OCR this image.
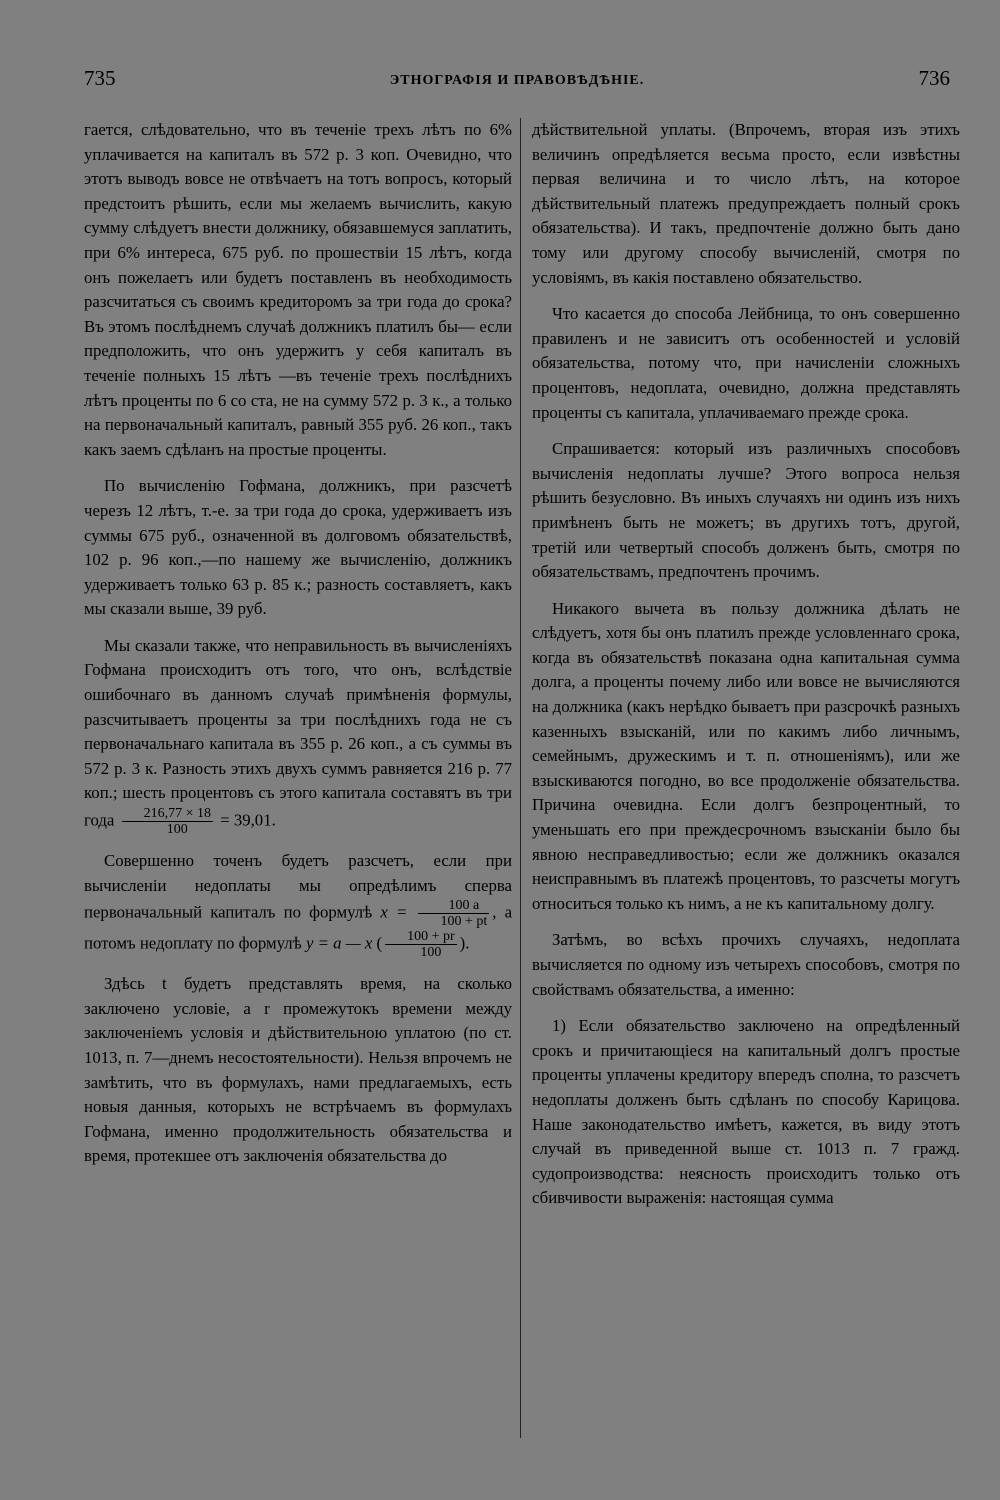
735	ЭТНОГРАФІЯ И ПРАВОВѢДѢНІЕ.	736

гается, слѣдовательно, что въ теченіе трехъ лѣтъ по 6% уплачивается на капиталъ въ 572 р. 3 коп. Очевидно, что этотъ выводъ вовсе не отвѣчаетъ на тотъ вопросъ, который предстоитъ рѣшить, если мы желаемъ вычислить, какую сумму слѣдуетъ внести должнику, обязавшемуся заплатить, при 6% интереса, 675 руб. по прошествіи 15 лѣтъ, когда онъ пожелаетъ или будетъ поставленъ въ необходимость разсчитаться съ своимъ кредиторомъ за три года до срока? Въ этомъ послѣднемъ случаѣ должникъ платилъ бы— если предположить, что онъ удержитъ у себя капиталъ въ теченіе полныхъ 15 лѣтъ —въ теченіе трехъ послѣднихъ лѣтъ проценты по 6 со ста, не на сумму 572 р. 3 к., а только на первоначальный капиталъ, равный 355 руб. 26 коп., такъ какъ заемъ сдѣланъ на простые проценты.

По вычисленію Гофмана, должникъ, при разсчетѣ черезъ 12 лѣтъ, т.-е. за три года до срока, удерживаетъ изъ суммы 675 руб., означенной въ долговомъ обязательствѣ, 102 р. 96 коп.,—по нашему же вычисленію, должникъ удерживаетъ только 63 р. 85 к.; разность составляетъ, какъ мы сказали выше, 39 руб.

Мы сказали также, что неправильность въ вычисленіяхъ Гофмана происходитъ отъ того, что онъ, вслѣдствіе ошибочнаго въ данномъ случаѣ примѣненія формулы, разсчитываетъ проценты за три послѣднихъ года не съ первоначальнаго капитала въ 355 р. 26 коп., а съ суммы въ 572 р. 3 к. Разность этихъ двухъ суммъ равняется 216 р. 77 коп.; шесть процентовъ съ этого капитала составятъ въ три года $\frac{216,77 \times 18}{100} = 39,01$.

Совершенно точенъ будетъ разсчетъ, если при вычисленіи недоплаты мы опредѣлимъ сперва первоначальный капиталъ по формулѣ $x = \frac{100 a}{100 + pt}$ , а потомъ недоплату по формулѣ y = a — x ( $\frac{100 + pr}{100}$ ).

Здѣсь t будетъ представлять время, на сколько заключено условіе, а r промежутокъ времени между заключеніемъ условія и дѣйствительною уплатою (по ст. 1013, п. 7—днемъ несостоятельности). Нельзя впрочемъ не замѣтить, что въ формулахъ, нами предлагаемыхъ, есть новыя данныя, которыхъ не встрѣчаемъ въ формулахъ Гофмана, именно продолжительность обязательства и время, протекшее отъ заключенія обязательства до

дѣйствительной уплаты. (Впрочемъ, вторая изъ этихъ величинъ опредѣляется весьма просто, если извѣстны первая величина и то число лѣтъ, на которое дѣйствительный платежъ предупреждаетъ полный срокъ обязательства). И такъ, предпочтеніе должно быть дано тому или другому способу вычисленій, смотря по условіямъ, въ какія поставлено обязательство.

Что касается до способа Лейбница, то онъ совершенно правиленъ и не зависитъ отъ особенностей и условій обязательства, потому что, при начисленіи сложныхъ процентовъ, недоплата, очевидно, должна представлять проценты съ капитала, уплачиваемаго прежде срока.

Спрашивается: который изъ различныхъ способовъ вычисленія недоплаты лучше? Этого вопроса нельзя рѣшить безусловно. Въ иныхъ случаяхъ ни одинъ изъ нихъ примѣненъ быть не можетъ; въ другихъ тотъ, другой, третій или четвертый способъ долженъ быть, смотря по обязательствамъ, предпочтенъ прочимъ.

Никакого вычета въ пользу должника дѣлать не слѣдуетъ, хотя бы онъ платилъ прежде условленнаго срока, когда въ обязательствѣ показана одна капитальная сумма долга, а проценты почему либо или вовсе не вычисляются на должника (какъ нерѣдко бываетъ при разсрочкѣ разныхъ казенныхъ взысканій, или по какимъ либо личнымъ, семейнымъ, дружескимъ и т. п. отношеніямъ), или же взыскиваются погодно, во все продолженіе обязательства. Причина очевидна. Если долгъ безпроцентный, то уменьшать его при преждесрочномъ взысканіи было бы явною несправедливостью; если же должникъ оказался неисправнымъ въ платежѣ процентовъ, то разсчеты могутъ относиться только къ нимъ, а не къ капитальному долгу.

Затѣмъ, во всѣхъ прочихъ случаяхъ, недоплата вычисляется по одному изъ четырехъ способовъ, смотря по свойствамъ обязательства, а именно:

1) Если обязательство заключено на опредѣленный срокъ и причитающіеся на капитальный долгъ простые проценты уплачены кредитору впередъ сполна, то разсчетъ недоплаты долженъ быть сдѣланъ по способу Карицова. Наше законодательство имѣетъ, кажется, въ виду этотъ случай въ приведенной выше ст. 1013 п. 7 гражд. судопроизводства: неясность происходитъ только отъ сбивчивости выраженія: настоящая сумма
